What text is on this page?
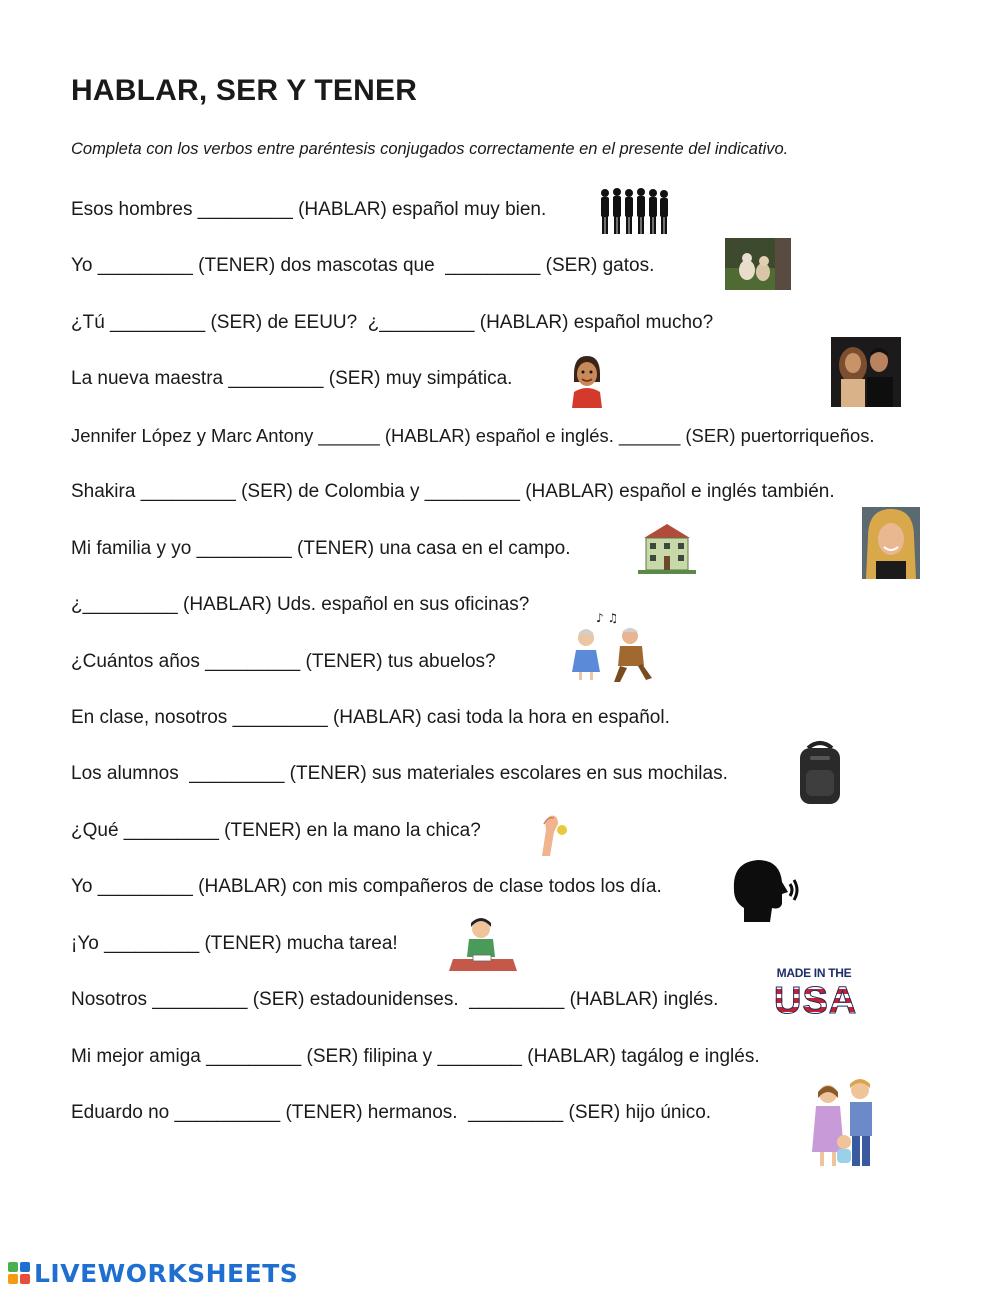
HABLAR, SER Y TENER

Completa con los verbos entre paréntesis conjugados correctamente en el presente del indicativo.

Esos hombres _________ (HABLAR) español muy bien.

Yo _________ (TENER) dos mascotas que  _________ (SER) gatos.

¿Tú _________ (SER) de EEUU?  ¿_________ (HABLAR) español mucho?

La nueva maestra _________ (SER) muy simpática.

Jennifer López y Marc Antony ______ (HABLAR) español e inglés. ______ (SER) puertorriqueños.

Shakira _________ (SER) de Colombia y _________ (HABLAR) español e inglés también.

Mi familia y yo _________ (TENER) una casa en el campo.

¿_________ (HABLAR) Uds. español en sus oficinas?

¿Cuántos años _________ (TENER) tus abuelos?

En clase, nosotros _________ (HABLAR) casi toda la hora en español.

Los alumnos  _________ (TENER) sus materiales escolares en sus mochilas.

¿Qué _________ (TENER) en la mano la chica?

Yo _________ (HABLAR) con mis compañeros de clase todos los día.

¡Yo _________ (TENER) mucha tarea!

Nosotros _________ (SER) estadounidenses.  _________ (HABLAR) inglés.

Mi mejor amiga _________ (SER) filipina y ________ (HABLAR) tagálog e inglés.

Eduardo no __________ (TENER) hermanos.  _________ (SER) hijo único.

♪ ♫
MADE IN THE
USA
LIVEWORKSHEETS
